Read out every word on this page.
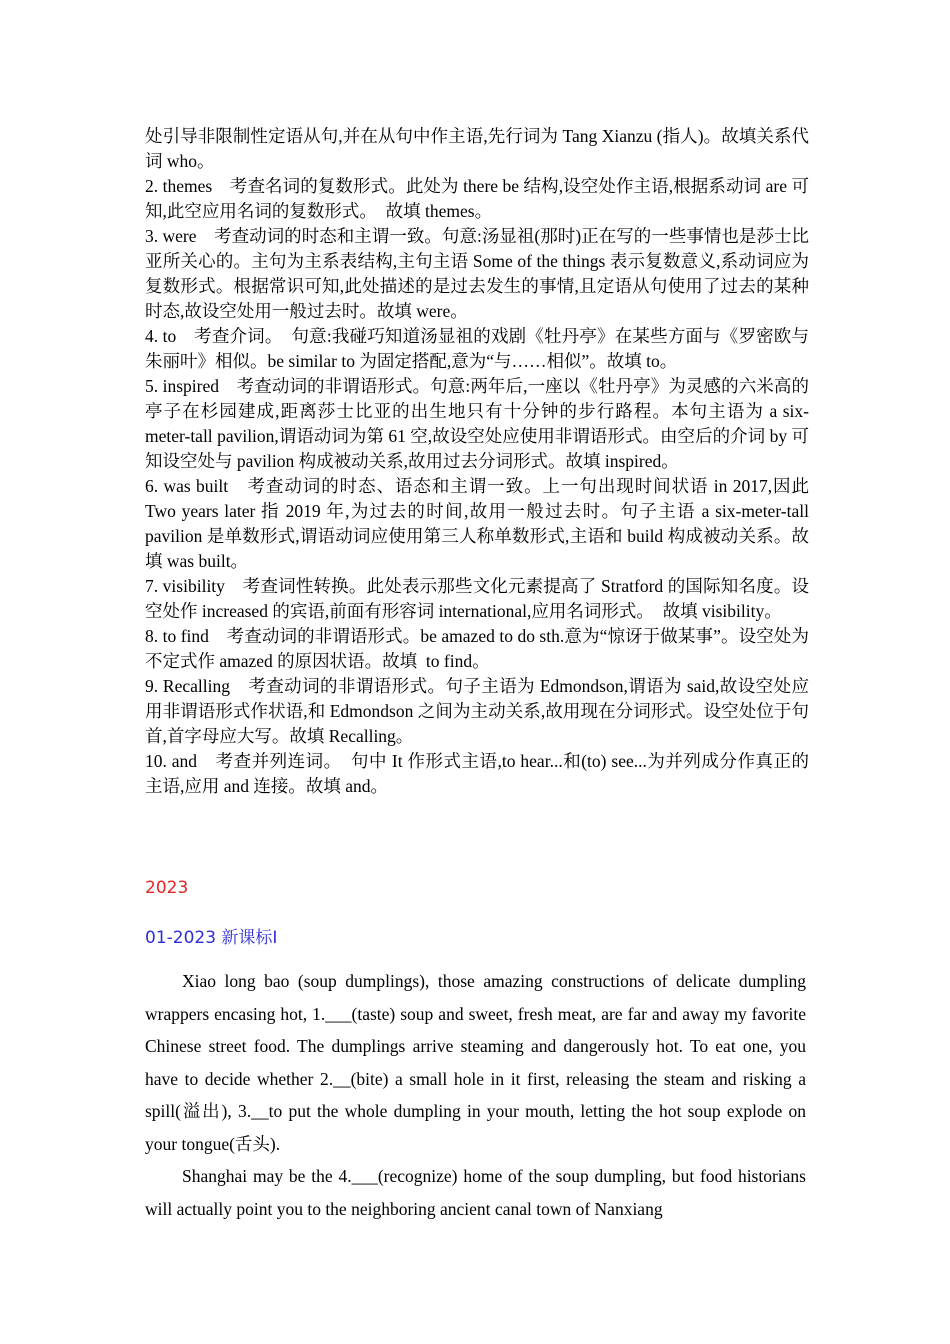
处引导非限制性定语从句,并在从句中作主语,先行词为 Tang Xianzu (指人)。故填关系代词 who。

2. themes　考查名词的复数形式。此处为 there be 结构,设空处作主语,根据系动词 are 可知,此空应用名词的复数形式。　故填 themes。

3. were　考查动词的时态和主谓一致。句意:汤显祖(那时)正在写的一些事情也是莎士比亚所关心的。主句为主系表结构,主句主语 Some of the things 表示复数意义,系动词应为复数形式。根据常识可知,此处描述的是过去发生的事情,且定语从句使用了过去的某种时态,故设空处用一般过去时。故填 were。

4. to　考查介词。　句意:我碰巧知道汤显祖的戏剧《牡丹亭》在某些方面与《罗密欧与朱丽叶》相似。be similar to 为固定搭配,意为“与……相似”。故填 to。

5. inspired　考查动词的非谓语形式。句意:两年后,一座以《牡丹亭》为灵感的六米高的亭子在杉园建成,距离莎士比亚的出生地只有十分钟的步行路程。本句主语为 a six-meter-tall pavilion,谓语动词为第 61 空,故设空处应使用非谓语形式。由空后的介词 by 可知设空处与 pavilion 构成被动关系,故用过去分词形式。故填 inspired。

6. was built　考查动词的时态、语态和主谓一致。上一句出现时间状语 in 2017,因此 Two years later 指 2019 年,为过去的时间,故用一般过去时。句子主语 a six-meter-tall pavilion 是单数形式,谓语动词应使用第三人称单数形式,主语和 build 构成被动关系。故填 was built。

7. visibility　考查词性转换。此处表示那些文化元素提高了 Stratford 的国际知名度。设空处作 increased 的宾语,前面有形容词 international,应用名词形式。　故填 visibility。

8. to find　考查动词的非谓语形式。be amazed to do sth.意为“惊讶于做某事”。设空处为不定式作 amazed 的原因状语。故填  to find。

9. Recalling　考查动词的非谓语形式。句子主语为 Edmondson,谓语为 said,故设空处应用非谓语形式作状语,和 Edmondson 之间为主动关系,故用现在分词形式。设空处位于句首,首字母应大写。故填 Recalling。

10. and　考查并列连词。　句中 It 作形式主语,to hear...和(to) see...为并列成分作真正的主语,应用 and 连接。故填 and。

2023
01-2023 新课标Ⅰ

Xiao long bao (soup dumplings), those amazing constructions of delicate dumpling wrappers encasing hot, 1.___(taste) soup and sweet, fresh meat, are far and away my favorite Chinese street food. The dumplings arrive steaming and dangerously hot. To eat one, you have to decide whether 2.__(bite) a small hole in it first, releasing the steam and risking a spill(溢出), 3.__to put the whole dumpling in your mouth, letting the hot soup explode on your tongue(舌头).

Shanghai may be the 4.___(recognize) home of the soup dumpling, but food historians will actually point you to the neighboring ancient canal town of Nanxiang
